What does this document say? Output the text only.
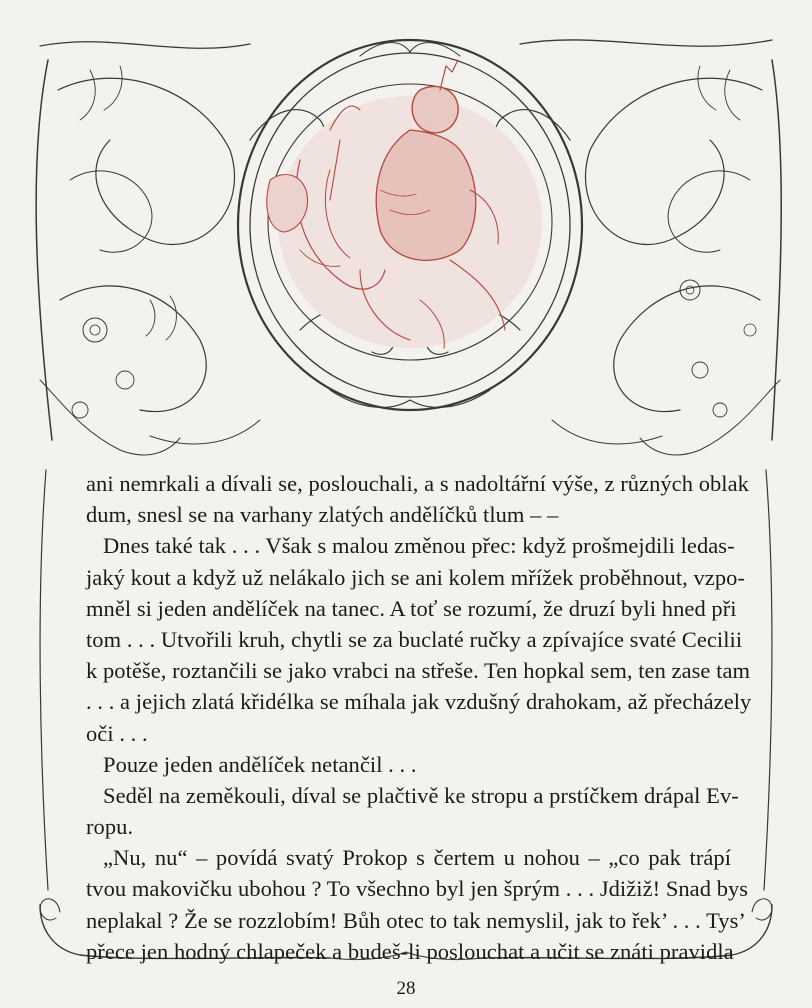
ani nemrkali a dívali se, poslouchali, a s nadoltářní výše, z různých oblak
dum, snesl se na varhany zlatých andělíčků tlum – –
Dnes také tak . . . Však s malou změnou přec: když prošmejdili ledas-
jaký kout a když už nelákalo jich se ani kolem mřížek proběhnout, vzpo-
mněl si jeden andělíček na tanec. A toť se rozumí, že druzí byli hned při
tom . . . Utvořili kruh, chytli se za buclaté ručky a zpívajíce svaté Cecilii
k potěše, roztančili se jako vrabci na střeše. Ten hopkal sem, ten zase tam
. . . a jejich zlatá křidélka se míhala jak vzdušný drahokam, až přecházely
oči . . .
Pouze jeden andělíček netančil . . .
Seděl na zeměkouli, díval se plačtivě ke stropu a prstíčkem drápal Ev-
ropu.
„Nu, nu“ – povídá svatý Prokop s čertem u nohou – „co pak trápí
tvou makovičku ubohou ? To všechno byl jen šprým . . . Jdižiž! Snad bys
neplakal ? Že se rozzlobím! Bůh otec to tak nemyslil, jak to řek’ . . . Tys’
přece jen hodný chlapeček a budeš-li poslouchat a učit se znáti pravidla
28
